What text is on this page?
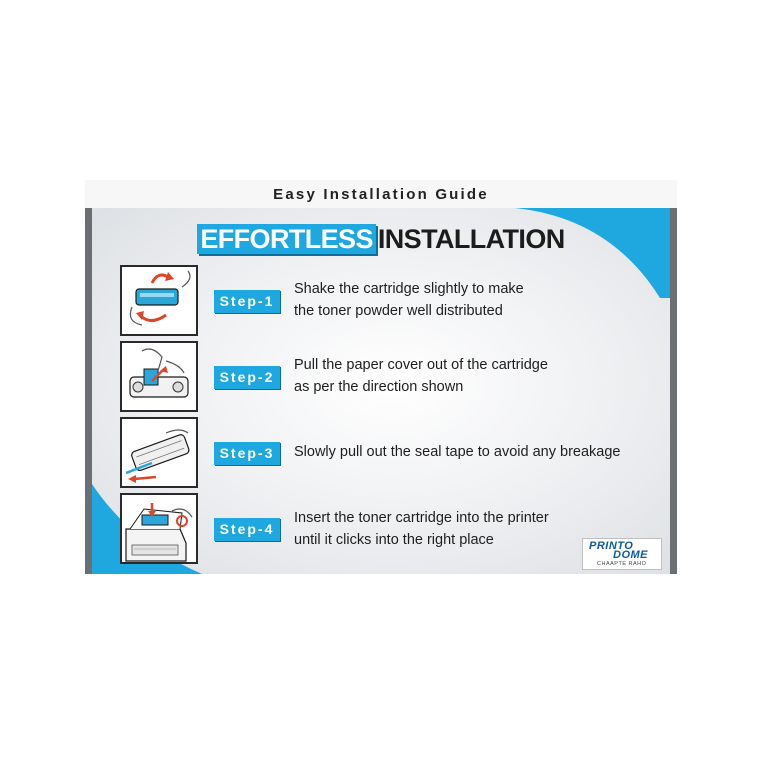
Easy Installation Guide
EFFORTLESS INSTALLATION
Step-1
Shake the cartridge slightly to make
the toner powder well distributed
Step-2
Pull the paper cover out of the cartridge
as per the direction shown
Step-3	Slowly pull out the seal tape to avoid any breakage
Step-4
Insert the toner cartridge into the printer
until it clicks into the right place	PRINTO
DOME
CHAAPTE RAHO
